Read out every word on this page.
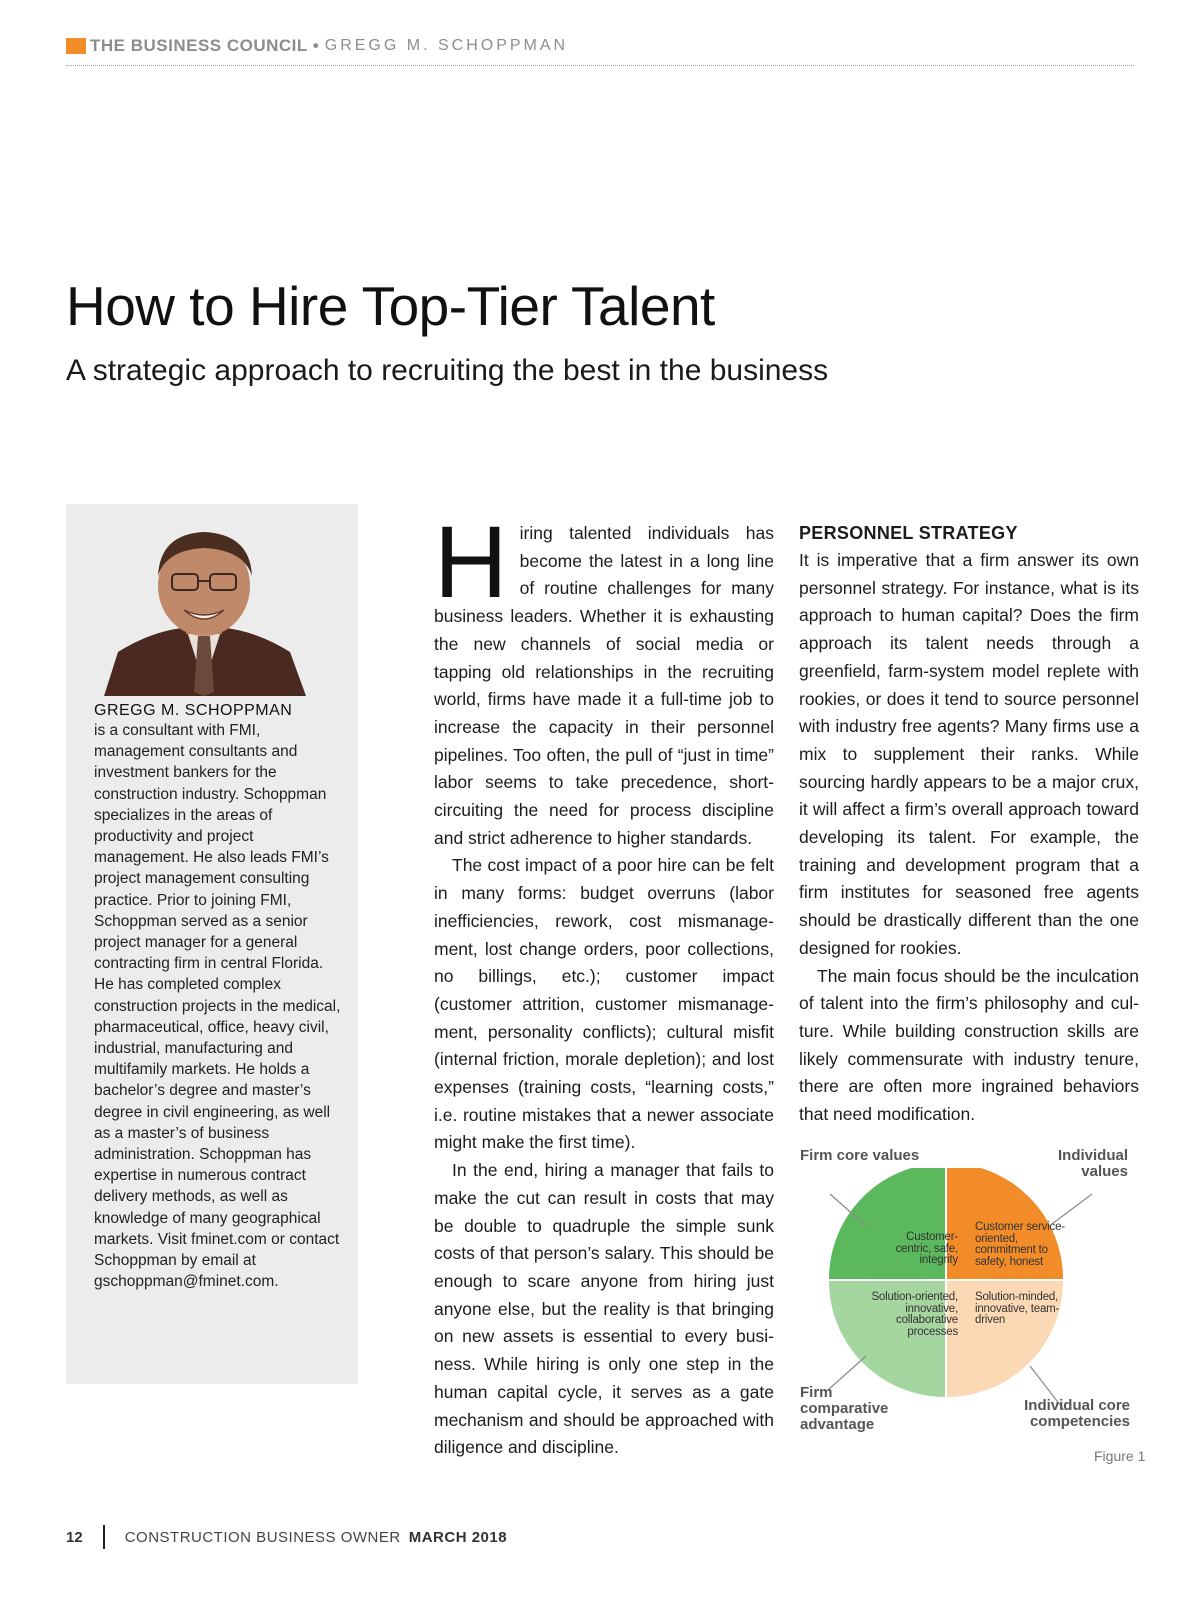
THE BUSINESS COUNCIL • GREGG M. SCHOPPMAN
How to Hire Top-Tier Talent
A strategic approach to recruiting the best in the business
GREGG M. SCHOPPMAN
is a consultant with FMI, management consultants and investment bankers for the construction industry. Schoppman specializes in the areas of productivity and project management. He also leads FMI’s project management consulting practice. Prior to joining FMI, Schoppman served as a senior project manager for a general contracting firm in central Florida. He has completed complex construction projects in the medical, pharmaceutical, office, heavy civil, industrial, manufacturing and multifamily markets. He holds a bachelor’s degree and master’s degree in civil engineering, as well as a master’s of business administration. Schoppman has expertise in numerous contract delivery methods, as well as knowledge of many geographical markets. Visit fminet.com or contact Schoppman by email at gschoppman@fminet.com.

Hiring talented individuals has become the latest in a long line of routine challenges for many business leaders. Whether it is exhausting the new channels of social media or tapping old relationships in the recruiting world, firms have made it a full-time job to increase the capacity in their personnel pipelines. Too often, the pull of “just in time” labor seems to take precedence, short-circuiting the need for process discipline and strict adherence to higher standards.

The cost impact of a poor hire can be felt in many forms: budget overruns (labor inefficiencies, rework, cost mismanagement, lost change orders, poor collections, no billings, etc.); customer impact (customer attrition, customer mismanagement, personality conflicts); cultural misfit (internal friction, morale depletion); and lost expenses (training costs, “learning costs,” i.e. routine mistakes that a newer associate might make the first time).

In the end, hiring a manager that fails to make the cut can result in costs that may be double to quadruple the simple sunk costs of that person’s salary. This should be enough to scare anyone from hiring just anyone else, but the reality is that bringing on new assets is essential to every business. While hiring is only one step in the human capital cycle, it serves as a gate mechanism and should be approached with diligence and discipline.

PERSONNEL STRATEGY

It is imperative that a firm answer its own personnel strategy. For instance, what is its approach to human capital? Does the firm approach its talent needs through a greenfield, farm-system model replete with rookies, or does it tend to source personnel with industry free agents? Many firms use a mix to supplement their ranks. While sourcing hardly appears to be a major crux, it will affect a firm’s overall approach toward developing its talent. For example, the training and development program that a firm institutes for seasoned free agents should be drastically different than the one designed for rookies.

The main focus should be the inculcation of talent into the firm’s philosophy and culture. While building construction skills are likely commensurate with industry tenure, there are often more ingrained behaviors that need modification.

Firm core values	Individual values
Firm comparative advantage
Individual core competencies
Customer-centric, safe, integrity
Customer service-oriented, commitment to safety, honest
Solution-oriented, innovative, collaborative processes
Solution-minded, innovative, team-driven
Figure 1
12	CONSTRUCTION BUSINESS OWNER MARCH 2018
